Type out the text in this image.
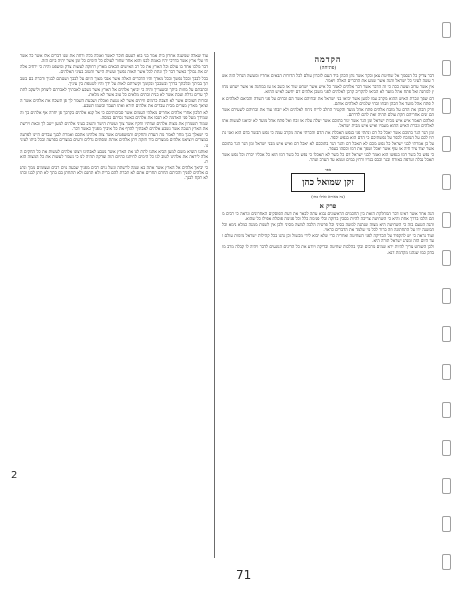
עוד שאלה שמשנה אחרון בית אמר בני בוא לטעם חוכר לאשר ואגלה בלה ורחה את שנו דברים אלו אשר כל אשר חי עלי ארץ אשר בדרכי יהיו באמת לבנו והוא אחד שחור לעולם כל הימים כל זמן אשר יהיה ביום הזה.

דבר מלכו אחד בו עולם וכל הארץ את כל רב האישים הבאים מארץ רחוקה לעשות צדק ומשפט והיה כי ירחיב אלהים את גבולך כאשר דבר לך ונתת לכל אשר תאוה נפשך ועשית הישר והטוב בעיני האלהים.

בכל לבבך ובכל נפשך ובכל מאדך והיו הדברים האלה אשר אנכי מצוך היום על לבבך ושננתם לבניך ודברת בם בשבתך בביתך ובלכתך בדרך ובשכבך ובקומך וקשרתם לאות על ידך והיו לטטפת בין עיניך.

וכתבתם על מזזות ביתך ובשעריך והיה כי יביאך אלהים אל הארץ אשר נשבע לאבתיך לאברהם ליצחק וליעקב לתת לך ערים גדלת וטבת אשר לא בנית ובתים מלאים כל טוב אשר לא מלאת.

ובורות חצובים אשר לא חצבת כרמים וזיתים אשר לא נטעת ואכלת ושבעת השמר לך פן תשכח את אלהים אשר הוציאך מארץ מצרים מבית עבדים את אלהים תירא ואתו תעבד ובשמו תשבע.

לא תלכון אחרי אלהים אחרים מאלהי העמים אשר סביבותיכם כי אל קנא אלהים בקרבך פן יחרה אף אלהים בך והשמידך מעל פני האדמה לא תנסו את אלהים כאשר נסיתם במסה.

שמור תשמרון את מצות אלהים ועדתיו וחקיו אשר צוך ועשית הישר והטוב בעיני אלהים למען ייטב לך ובאת וירשת את הארץ הטבה אשר נשבע אלהים לאבתיך להדף את כל איביך מפניך כאשר דבר.

כי ישאלך בנך מחר לאמר מה העדת והחקים והמשפטים אשר צוה אלהינו אתכם ואמרת לבנך עבדים היינו לפרעה במצרים ויוציאנו אלהים ממצרים ביד חזקה ויתן אלהים אותת ומפתים גדלים ורעים במצרים בפרעה ובכל ביתו לעינינו.

ואותנו הוציא משם למען הביא אתנו לתת לנו את הארץ אשר נשבע לאבתינו ויצונו אלהים לעשות את כל החקים האלה ליראה את אלהינו לטוב לנו כל הימים לחיתנו כהיום הזה וצדקה תהיה לנו כי נשמר לעשות את כל המצוה הזאת.

כי יביאך אלהים אל הארץ אשר אתה בא שמה לרשתה ונשל גוים רבים מפניך שבעה גוים רבים ועצומים ממך ונתנם אלהים לפניך והכיתם החרם תחרים אתם לא תכרת להם ברית ולא תחנם ולא תתחתן בם בתך לא תתן לבנו ובתו לא תקח לבנך.

הקדמה
(פתיחה)

דבר צדיק כל הנסמך אל שחיטת צאן ובקר אשר נתן הכהן ביד העם לזכרון עולם לכל הדורות הבאים אחריו ומעשה הגדול הזה אשר עשה לעיני כל ישראל והנה אשר שמע את הדברים האלה ויאמר.

אין אשר ערוב ועשה ככה כי זה הדבר אשר דבר אלהים לאמר כל איש אשר ישחט שור או כשב או עז במחנה או אשר ישחט מחוץ למחנה ואל פתח אהל מועד לא הביאו להקריב קרבן לאלהים לפני משכן אלהים דם יחשב לאיש ההוא.

דם שפך ונכרת האיש ההוא מקרב עמו למען אשר יביאו בני ישראל את זבחיהם אשר הם זבחים על פני השדה והביאם לאלהים אל פתח אהל מועד אל הכהן וזבחו זבחי שלמים לאלהים אותם.

וזרק הכהן את הדם על מזבח אלהים פתח אהל מועד והקטיר החלב לריח ניחח לאלהים ולא יזבחו עוד את זבחיהם לשעירם אשר הם זנים אחריהם חקת עולם תהיה זאת להם לדרתם.

ואלהם תאמר איש איש מבית ישראל ומן הגר אשר יגור בתוכם אשר יעלה עלה או זבח ואל פתח אהל מועד לא יביאנו לעשות אתו לאלהים ונכרת האיש ההוא מעמיו ואיש איש מבית ישראל.

ומן הגר הגר בתוכם אשר יאכל כל דם ונתתי פני בנפש האכלת את הדם והכרתי אתה מקרב עמה כי נפש הבשר בדם הוא ואני נתתיו לכם על המזבח לכפר על נפשתיכם כי הדם הוא בנפש יכפר.

על כן אמרתי לבני ישראל כל נפש מכם לא תאכל דם והגר הגר בתוככם לא יאכל דם ואיש איש מבני ישראל ומן הגר הגר בתוכם אשר יצוד ציד חיה או עוף אשר יאכל ושפך את דמו וכסהו בעפר.

כי נפש כל בשר דמו בנפשו הוא ואמר לבני ישראל דם כל בשר לא תאכלו כי נפש כל בשר דמו הוא כל אכליו יכרת וכל נפש אשר תאכל נבלה וטרפה באזרח ובגר וכבס בגדיו ורחץ במים וטמא עד הערב וטהר.

ספר
זקן שמואל כהן
(נח מאירא ואילו כחו)
פרק א

הנה אחר אשר ראינו דבר המחלקת הזאת בין החכמים הראשונים נבוא עתה לבאר את דעת הפוסקים האחרונים ונראה כי רבים מהם הלכו בדרך אחת והיא כי השחיטה צריכה להיות בסכין בדוקה ובלי פגימה כלל וכל פגימה פוסלת אפילו כל שהוא.

והנה הטעם בזה כי השחיטה היא מצוה שנתנה למשה בסיני וכל פרטיה הלכה למשה מסיני ולכן אין לשנות ממנה כמלא נימא וכל המשנה ידו על התחתונה וזה ברור לכל מי שלמד את הדברים כראוי.

ועוד נראה כי יש להקפיד על הבדיקה לפני השחיטה ואחריה כדי שלא יבוא לידי מכשול וכן נהגו בכל קהילות ישראל מימות עולם ועד היום הזה ומנהג ישראל תורה היא.

ולכן השוחט צריך להיות ירא שמים מרבים ובקי בהלכות שחיטה ובדיקה ויודע את כל הדינים הנוגעים לדבר ויהיה לו קבלה מרב מובהק כמו שנהגו מקדמת דנא.

2
71
